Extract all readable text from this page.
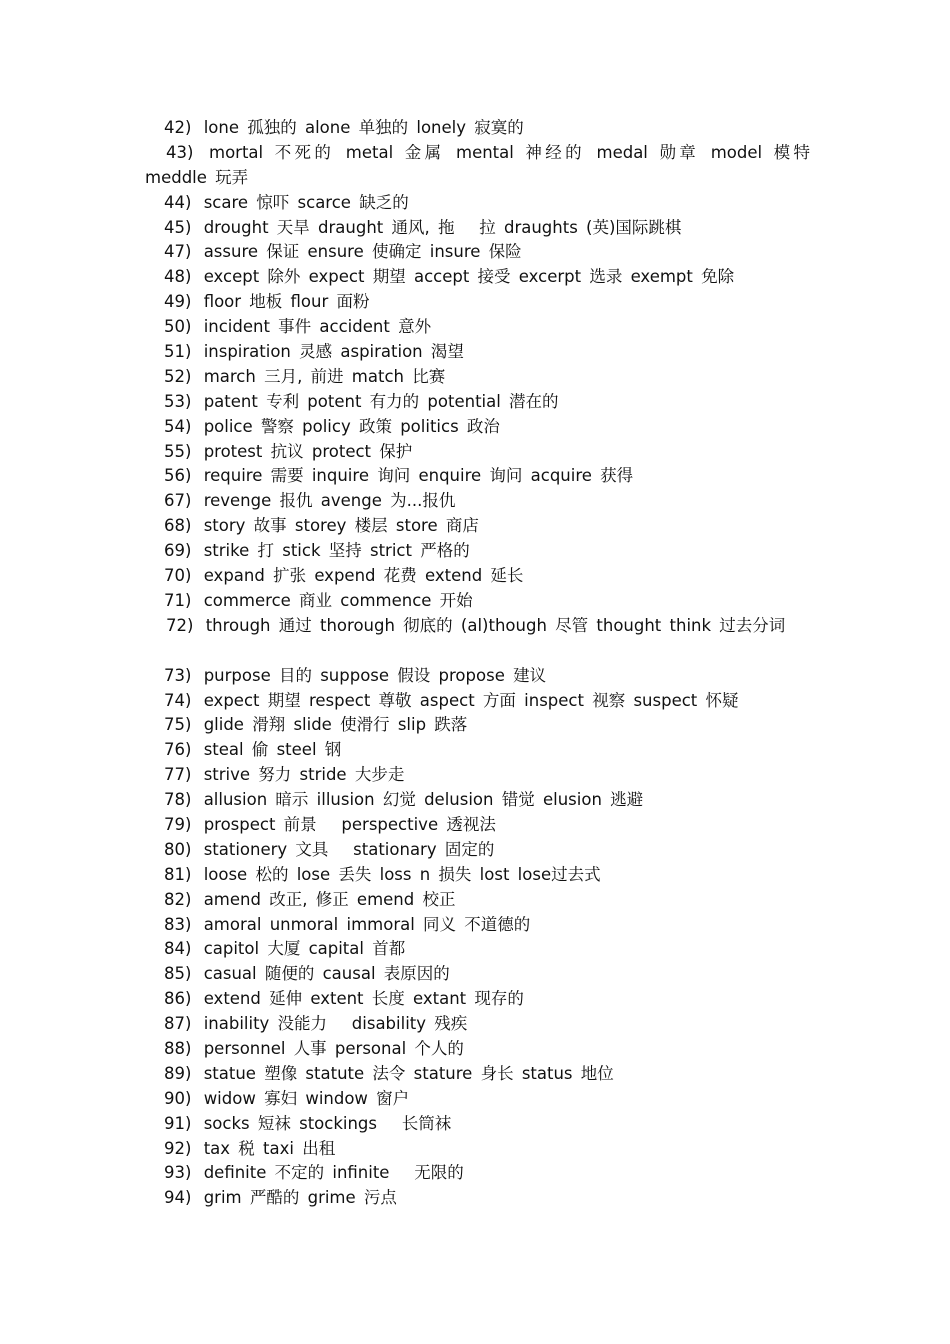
42) lone 孤独的 alone 单独的 lonely 寂寞的
43) mortal 不死的 metal 金属 mental 神经的 medal 勋章 model 模特 meddle 玩弄
44) scare 惊吓 scarce 缺乏的
45) drought 天旱 draught 通风, 拖　 拉 draughts (英)国际跳棋
47) assure 保证 ensure 使确定 insure 保险
48) except 除外 expect 期望 accept 接受 excerpt 选录 exempt 免除
49) floor 地板 flour 面粉
50) incident 事件 accident 意外
51) inspiration 灵感 aspiration 渴望
52) march 三月, 前进 match 比赛
53) patent 专利 potent 有力的 potential 潜在的
54) police 警察 policy 政策 politics 政治
55) protest 抗议 protect 保护
56) require 需要 inquire 询问 enquire 询问 acquire 获得
67) revenge 报仇 avenge 为...报仇
68) story 故事 storey 楼层 store 商店
69) strike 打 stick 坚持 strict 严格的
70) expand 扩张 expend 花费 extend 延长
71) commerce 商业 commence 开始
72) through 通过 thorough 彻底的 (al)though 尽管 thought think 过去分词
73) purpose 目的 suppose 假设 propose 建议
74) expect 期望 respect 尊敬 aspect 方面 inspect 视察 suspect 怀疑
75) glide 滑翔 slide 使滑行 slip 跌落
76) steal 偷 steel 钢
77) strive 努力 stride 大步走
78) allusion 暗示 illusion 幻觉 delusion 错觉 elusion 逃避
79) prospect 前景　 perspective 透视法
80) stationery 文具　 stationary 固定的
81) loose 松的 lose 丢失 loss n 损失 lost lose过去式
82) amend 改正, 修正 emend 校正
83) amoral unmoral immoral 同义 不道德的
84) capitol 大厦 capital 首都
85) casual 随便的 causal 表原因的
86) extend 延伸 extent 长度 extant 现存的
87) inability 没能力　 disability 残疾
88) personnel 人事 personal 个人的
89) statue 塑像 statute 法令 stature 身长 status 地位
90) widow 寡妇 window 窗户
91) socks 短袜 stockings　 长筒袜
92) tax 税 taxi 出租
93) definite 不定的 infinite　 无限的
94) grim 严酷的 grime 污点
